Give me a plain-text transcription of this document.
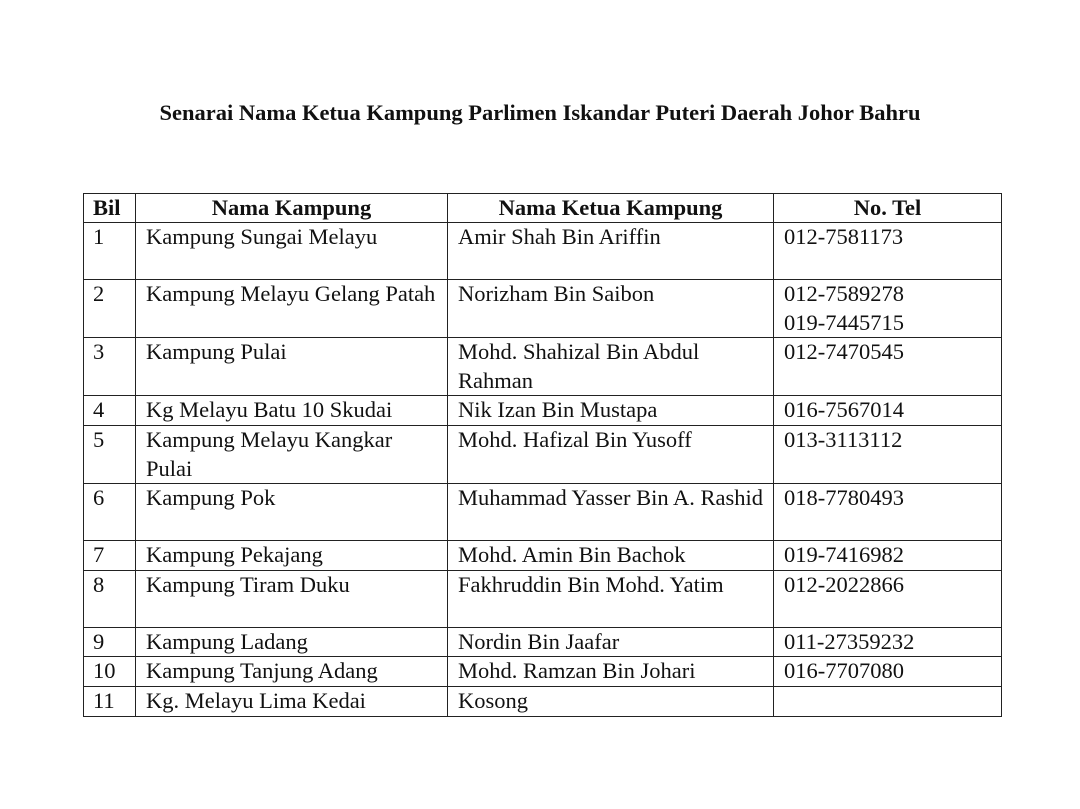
Senarai Nama Ketua Kampung Parlimen Iskandar Puteri Daerah Johor Bahru
Bil	Nama Kampung	Nama Ketua Kampung	No. Tel
1	Kampung Sungai Melayu	Amir Shah Bin Ariffin	012-7581173

2	Kampung Melayu Gelang Patah	Norizham Bin Saibon	012-7589278
019-7445715

3	Kampung Pulai	Mohd. Shahizal Bin Abdul Rahman	012-7470545

4	Kg Melayu Batu 10 Skudai	Nik Izan Bin Mustapa	016-7567014

5	Kampung Melayu Kangkar Pulai	Mohd. Hafizal Bin Yusoff	013-3113112

6	Kampung Pok	Muhammad Yasser Bin A. Rashid	018-7780493

7	Kampung Pekajang	Mohd. Amin Bin Bachok	019-7416982

8	Kampung Tiram Duku	Fakhruddin Bin Mohd. Yatim	012-2022866

9	Kampung Ladang	Nordin Bin Jaafar	011-27359232

10	Kampung Tanjung Adang	Mohd. Ramzan Bin Johari	016-7707080

11	Kg. Melayu Lima Kedai	Kosong	
